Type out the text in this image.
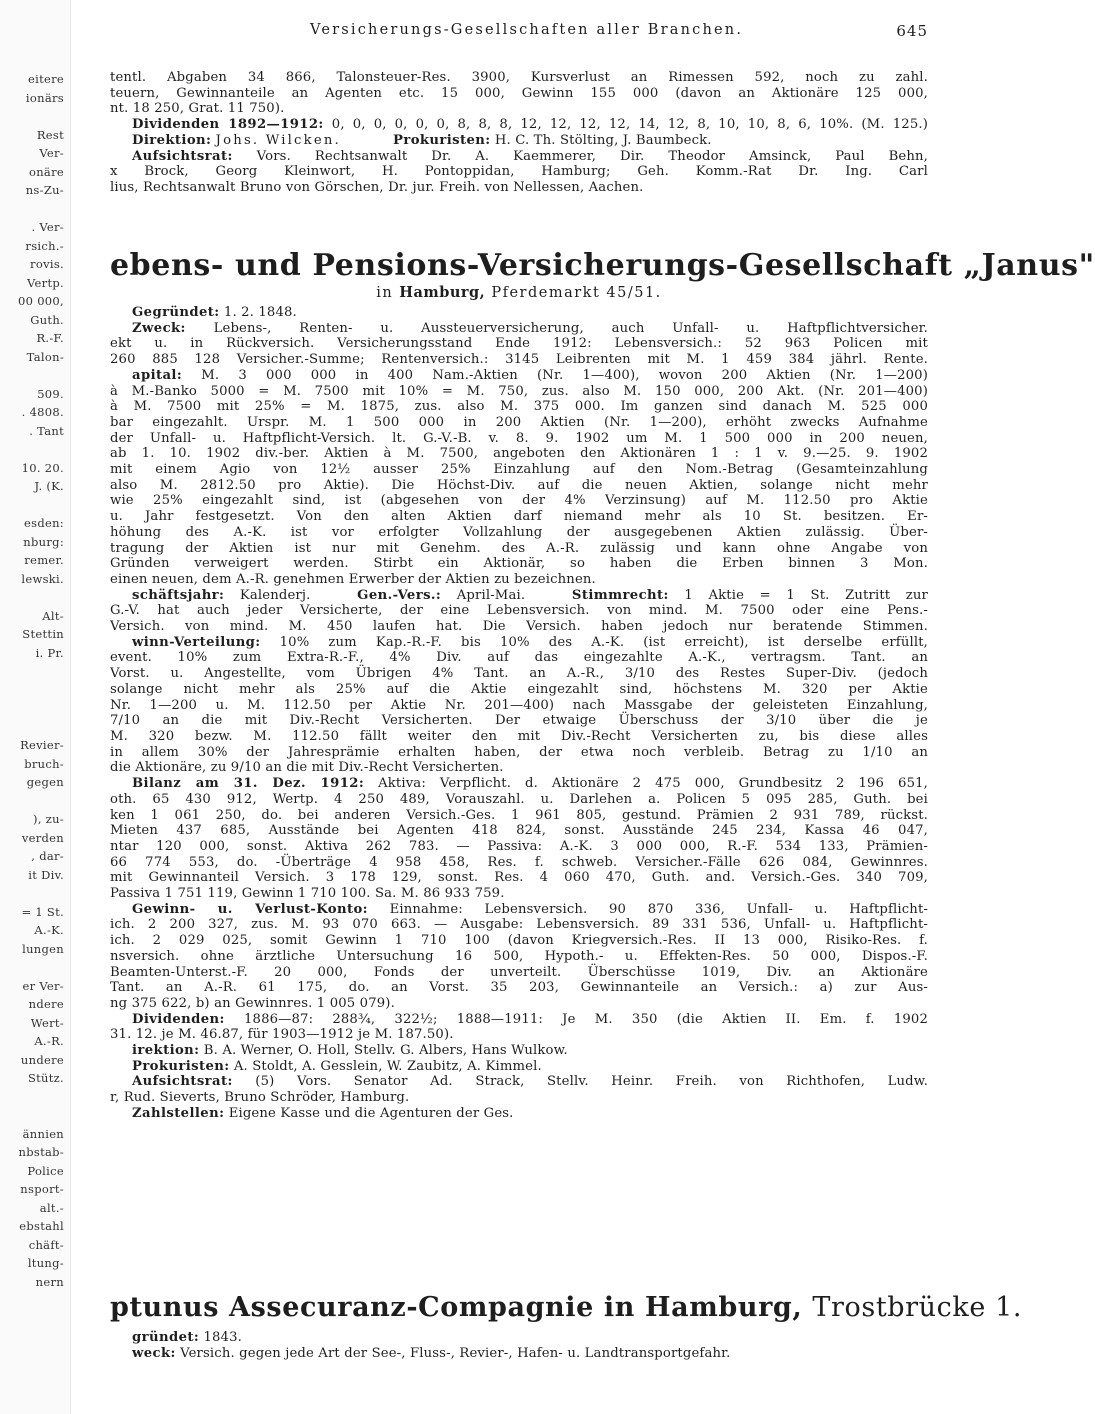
eitere
ionärs

Rest
Ver-
onäre
ns-Zu-

. Ver-
rsich.-
rovis.
Vertp.
00 000,
Guth.
R.-F.
Talon-

509.
. 4808.
. Tant

10. 20.
J. (K.

esden:
nburg:
remer.
lewski.

Alt-
Stettin
i. Pr.

Revier-
bruch-
gegen

), zu-
verden
, dar-
it Div.

= 1 St.
A.-K.
lungen

er Ver-
ndere
Wert-
A.-R.
undere
Stütz.

ännien
nbstab-
Police
nsport-
alt.-
ebstahl
chäft-
ltung-
nern
Versicherungs-Gesellschaften aller Branchen.	645
tentl. Abgaben 34 866, Talonsteuer-Res. 3900, Kursverlust an Rimessen 592, noch zu zahl.
teuern, Gewinnanteile an Agenten etc. 15 000, Gewinn 155 000 (davon an Aktionäre 125 000,
nt. 18 250, Grat. 11 750).
Dividenden 1892—1912: 0, 0, 0, 0, 0, 0, 8, 8, 8, 12, 12, 12, 12, 14, 12, 8, 10, 10, 8, 6, 10%. (M. 125.)
Direktion: Johs. Wilcken.	Prokuristen: H. C. Th. Stölting, J. Baumbeck.
Aufsichtsrat: Vors. Rechtsanwalt Dr. A. Kaemmerer, Dir. Theodor Amsinck, Paul Behn,
x Brock, Georg Kleinwort, H. Pontoppidan, Hamburg; Geh. Komm.-Rat Dr. Ing. Carl
lius, Rechtsanwalt Bruno von Görschen, Dr. jur. Freih. von Nellessen, Aachen.
ebens- und Pensions-Versicherungs-Gesellschaft „Janus"
in Hamburg, Pferdemarkt 45/51.
Gegründet: 1. 2. 1848.
Zweck: Lebens-, Renten- u. Aussteuerversicherung, auch Unfall- u. Haftpflichtversicher.
ekt u. in Rückversich. Versicherungsstand Ende 1912: Lebensversich.: 52 963 Policen mit
260 885 128 Versicher.-Summe; Rentenversich.: 3145 Leibrenten mit M. 1 459 384 jährl. Rente.
apital: M. 3 000 000 in 400 Nam.-Aktien (Nr. 1—400), wovon 200 Aktien (Nr. 1—200)
à M.-Banko 5000 = M. 7500 mit 10% = M. 750, zus. also M. 150 000, 200 Akt. (Nr. 201—400)
à M. 7500 mit 25% = M. 1875, zus. also M. 375 000. Im ganzen sind danach M. 525 000
bar eingezahlt. Urspr. M. 1 500 000 in 200 Aktien (Nr. 1—200), erhöht zwecks Aufnahme
der Unfall- u. Haftpflicht-Versich. lt. G.-V.-B. v. 8. 9. 1902 um M. 1 500 000 in 200 neuen,
ab 1. 10. 1902 div.-ber. Aktien à M. 7500, angeboten den Aktionären 1 : 1 v. 9.—25. 9. 1902
mit einem Agio von 12½ ausser 25% Einzahlung auf den Nom.-Betrag (Gesamteinzahlung
also M. 2812.50 pro Aktie). Die Höchst-Div. auf die neuen Aktien, solange nicht mehr
wie 25% eingezahlt sind, ist (abgesehen von der 4% Verzinsung) auf M. 112.50 pro Aktie
u. Jahr festgesetzt. Von den alten Aktien darf niemand mehr als 10 St. besitzen. Er-
höhung des A.-K. ist vor erfolgter Vollzahlung der ausgegebenen Aktien zulässig. Über-
tragung der Aktien ist nur mit Genehm. des A.-R. zulässig und kann ohne Angabe von
Gründen verweigert werden. Stirbt ein Aktionär, so haben die Erben binnen 3 Mon.
einen neuen, dem A.-R. genehmen Erwerber der Aktien zu bezeichnen.
schäftsjahr: Kalenderj.	Gen.-Vers.: April-Mai.	Stimmrecht: 1 Aktie = 1 St. Zutritt zur
G.-V. hat auch jeder Versicherte, der eine Lebensversich. von mind. M. 7500 oder eine Pens.-
Versich. von mind. M. 450 laufen hat. Die Versich. haben jedoch nur beratende Stimmen.
winn-Verteilung: 10% zum Kap.-R.-F. bis 10% des A.-K. (ist erreicht), ist derselbe erfüllt,
event. 10% zum Extra-R.-F., 4% Div. auf das eingezahlte A.-K., vertragsm. Tant. an
Vorst. u. Angestellte, vom Übrigen 4% Tant. an A.-R., 3/10 des Restes Super-Div. (jedoch
solange nicht mehr als 25% auf die Aktie eingezahlt sind, höchstens M. 320 per Aktie
Nr. 1—200 u. M. 112.50 per Aktie Nr. 201—400) nach Massgabe der geleisteten Einzahlung,
7/10 an die mit Div.-Recht Versicherten. Der etwaige Überschuss der 3/10 über die je
M. 320 bezw. M. 112.50 fällt weiter den mit Div.-Recht Versicherten zu, bis diese alles
in allem 30% der Jahresprämie erhalten haben, der etwa noch verbleib. Betrag zu 1/10 an
die Aktionäre, zu 9/10 an die mit Div.-Recht Versicherten.
Bilanz am 31. Dez. 1912: Aktiva: Verpflicht. d. Aktionäre 2 475 000, Grundbesitz 2 196 651,
oth. 65 430 912, Wertp. 4 250 489, Vorauszahl. u. Darlehen a. Policen 5 095 285, Guth. bei
ken 1 061 250, do. bei anderen Versich.-Ges. 1 961 805, gestund. Prämien 2 931 789, rückst.
Mieten 437 685, Ausstände bei Agenten 418 824, sonst. Ausstände 245 234, Kassa 46 047,
ntar 120 000, sonst. Aktiva 262 783. — Passiva: A.-K. 3 000 000, R.-F. 534 133, Prämien-
66 774 553, do. -Überträge 4 958 458, Res. f. schweb. Versicher.-Fälle 626 084, Gewinnres.
mit Gewinnanteil Versich. 3 178 129, sonst. Res. 4 060 470, Guth. and. Versich.-Ges. 340 709,
Passiva 1 751 119, Gewinn 1 710 100. Sa. M. 86 933 759.
Gewinn- u. Verlust-Konto: Einnahme: Lebensversich. 90 870 336, Unfall- u. Haftpflicht-
ich. 2 200 327, zus. M. 93 070 663. — Ausgabe: Lebensversich. 89 331 536, Unfall- u. Haftpflicht-
ich. 2 029 025, somit Gewinn 1 710 100 (davon Kriegversich.-Res. II 13 000, Risiko-Res. f.
nsversich. ohne ärztliche Untersuchung 16 500, Hypoth.- u. Effekten-Res. 50 000, Dispos.-F.
Beamten-Unterst.-F. 20 000, Fonds der unverteilt. Überschüsse 1019, Div. an Aktionäre
Tant. an A.-R. 61 175, do. an Vorst. 35 203, Gewinnanteile an Versich.: a) zur Aus-
ng 375 622, b) an Gewinnres. 1 005 079).
Dividenden: 1886—87: 288¾, 322½; 1888—1911: Je M. 350 (die Aktien II. Em. f. 1902
31. 12. je M. 46.87, für 1903—1912 je M. 187.50).
irektion: B. A. Werner, O. Holl, Stellv. G. Albers, Hans Wulkow.
Prokuristen: A. Stoldt, A. Gesslein, W. Zaubitz, A. Kimmel.
Aufsichtsrat: (5) Vors. Senator Ad. Strack, Stellv. Heinr. Freih. von Richthofen, Ludw.
r, Rud. Sieverts, Bruno Schröder, Hamburg.
Zahlstellen: Eigene Kasse und die Agenturen der Ges.
ptunus Assecuranz-Compagnie in Hamburg, Trostbrücke 1.
gründet: 1843.
weck: Versich. gegen jede Art der See-, Fluss-, Revier-, Hafen- u. Landtransportgefahr.
